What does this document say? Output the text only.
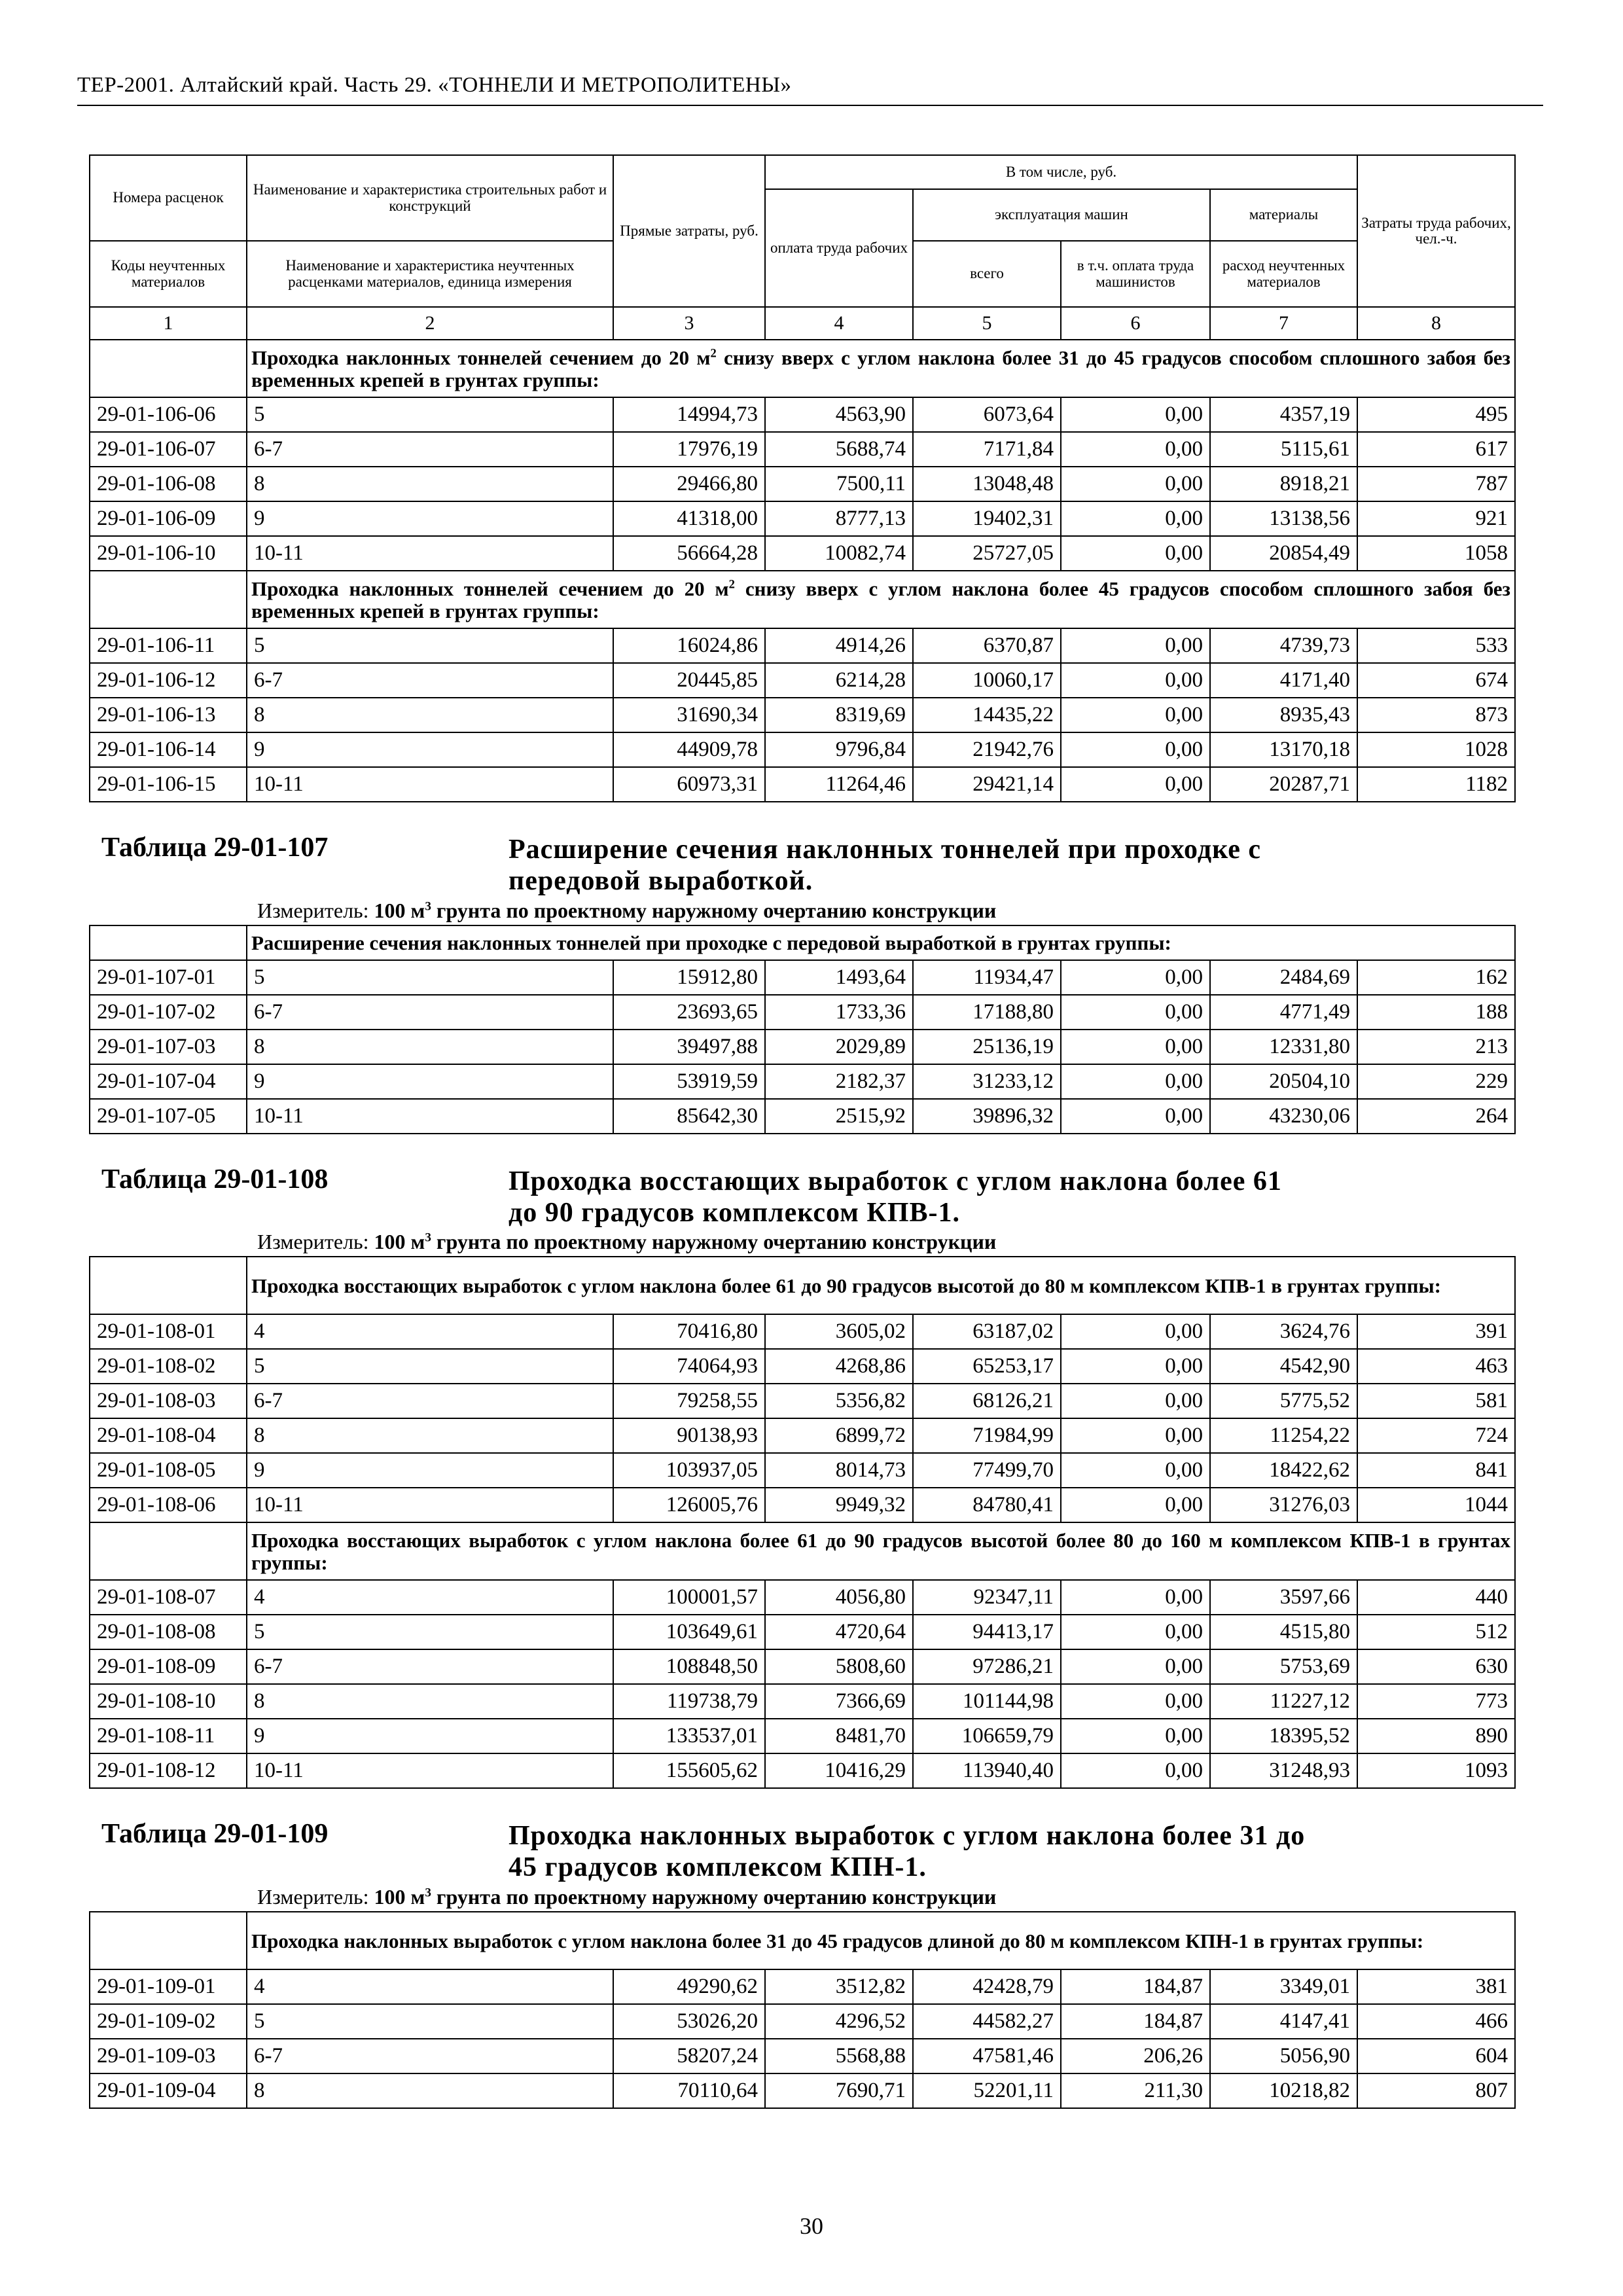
ТЕР-2001. Алтайский край. Часть 29. «ТОННЕЛИ И МЕТРОПОЛИТЕНЫ»
Номера расценок	Наименование и характеристика строительных работ и конструкций	Прямые затраты, руб.	В том числе, руб.				Затраты труда рабочих, чел.-ч.
			оплата труда рабочих	эксплуатация машин		материалы	
Коды неучтенных материалов	Наименование и характеристика неучтенных расценками материалов, единица измерения			всего	в т.ч. оплата труда машинистов	расход неучтенных материалов	
1	2	3	4	5	6	7	8
	Проходка наклонных тоннелей сечением до 20 $м^2$ снизу вверх с углом наклона более 31 до 45 градусов способом сплошного забоя без временных крепей в грунтах группы:						
29-01-106-06	5	14994,73	4563,90	6073,64	0,00	4357,19	495
29-01-106-07	6-7	17976,19	5688,74	7171,84	0,00	5115,61	617
29-01-106-08	8	29466,80	7500,11	13048,48	0,00	8918,21	787
29-01-106-09	9	41318,00	8777,13	19402,31	0,00	13138,56	921
29-01-106-10	10-11	56664,28	10082,74	25727,05	0,00	20854,49	1058
	Проходка наклонных тоннелей сечением до 20 $м^2$ снизу вверх с углом наклона более 45 градусов способом сплошного забоя без временных крепей в грунтах группы:						
29-01-106-11	5	16024,86	4914,26	6370,87	0,00	4739,73	533
29-01-106-12	6-7	20445,85	6214,28	10060,17	0,00	4171,40	674
29-01-106-13	8	31690,34	8319,69	14435,22	0,00	8935,43	873
29-01-106-14	9	44909,78	9796,84	21942,76	0,00	13170,18	1028
29-01-106-15	10-11	60973,31	11264,46	29421,14	0,00	20287,71	1182

Таблица 29-01-107 Расширение сечения наклонных тоннелей при проходке с передовой выработкой.
Измеритель: 100 $м^3$ грунта по проектному наружному очертанию конструкции							

	Расширение сечения наклонных тоннелей при проходке с передовой выработкой в грунтах группы:						
29-01-107-01	5	15912,80	1493,64	11934,47	0,00	2484,69	162
29-01-107-02	6-7	23693,65	1733,36	17188,80	0,00	4771,49	188
29-01-107-03	8	39497,88	2029,89	25136,19	0,00	12331,80	213
29-01-107-04	9	53919,59	2182,37	31233,12	0,00	20504,10	229
29-01-107-05	10-11	85642,30	2515,92	39896,32	0,00	43230,06	264

Таблица 29-01-108 Проходка восстающих выработок с углом наклона более 61 до 90 градусов комплексом КПВ-1.
Измеритель: 100 $м^3$ грунта по проектному наружному очертанию конструкции							

	Проходка восстающих выработок с углом наклона более 61 до 90 градусов высотой до 80 м комплексом КПВ-1 в грунтах группы:						
29-01-108-01	4	70416,80	3605,02	63187,02	0,00	3624,76	391
29-01-108-02	5	74064,93	4268,86	65253,17	0,00	4542,90	463
29-01-108-03	6-7	79258,55	5356,82	68126,21	0,00	5775,52	581
29-01-108-04	8	90138,93	6899,72	71984,99	0,00	11254,22	724
29-01-108-05	9	103937,05	8014,73	77499,70	0,00	18422,62	841
29-01-108-06	10-11	126005,76	9949,32	84780,41	0,00	31276,03	1044
	Проходка восстающих выработок с углом наклона более 61 до 90 градусов высотой более 80 до 160 м комплексом КПВ-1 в грунтах группы:						
29-01-108-07	4	100001,57	4056,80	92347,11	0,00	3597,66	440
29-01-108-08	5	103649,61	4720,64	94413,17	0,00	4515,80	512
29-01-108-09	6-7	108848,50	5808,60	97286,21	0,00	5753,69	630
29-01-108-10	8	119738,79	7366,69	101144,98	0,00	11227,12	773
29-01-108-11	9	133537,01	8481,70	106659,79	0,00	18395,52	890
29-01-108-12	10-11	155605,62	10416,29	113940,40	0,00	31248,93	1093

Таблица 29-01-109 Проходка наклонных выработок с углом наклона более 31 до 45 градусов комплексом КПН-1.
Измеритель: 100 $м^3$ грунта по проектному наружному очертанию конструкции							

	Проходка наклонных выработок с углом наклона более 31 до 45 градусов длиной до 80 м комплексом КПН-1 в грунтах группы:						
29-01-109-01	4	49290,62	3512,82	42428,79	184,87	3349,01	381
29-01-109-02	5	53026,20	4296,52	44582,27	184,87	4147,41	466
29-01-109-03	6-7	58207,24	5568,88	47581,46	206,26	5056,90	604
29-01-109-04	8	70110,64	7690,71	52201,11	211,30	10218,82	807
30
